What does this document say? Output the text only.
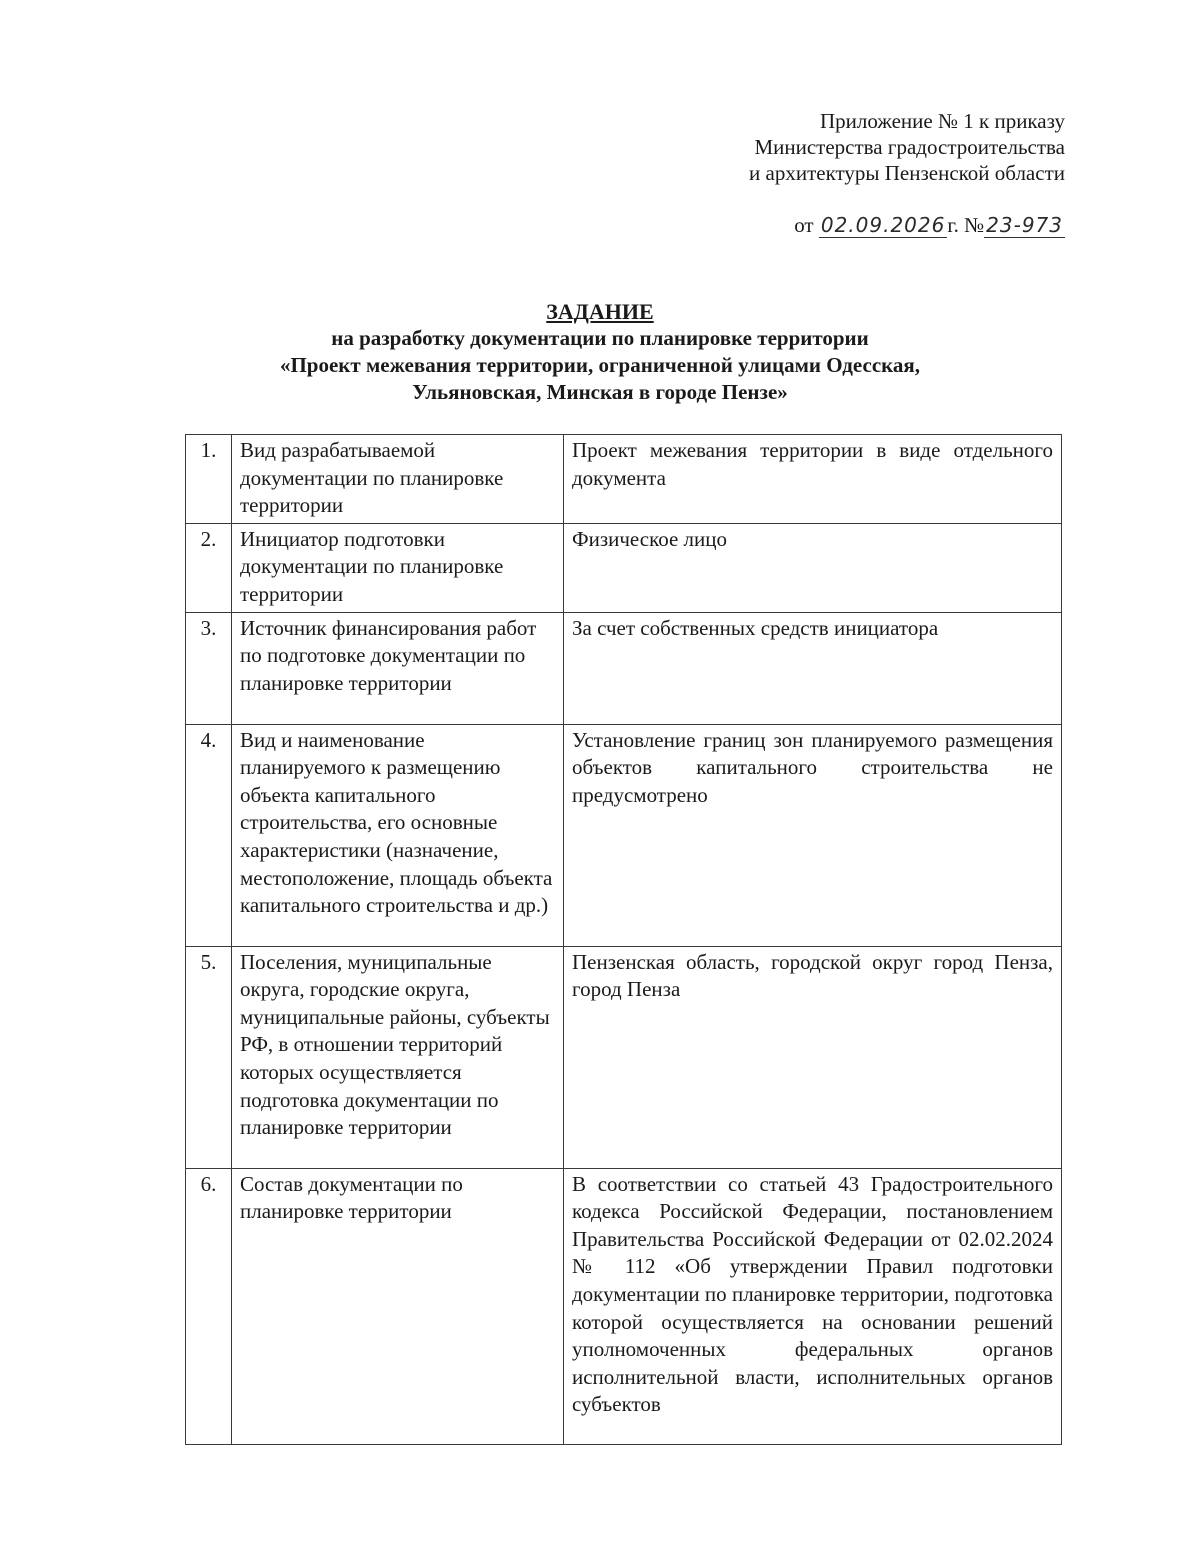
Приложение № 1 к приказу
Министерства градостроительства
и архитектуры Пензенской области
от 02.09.2026г. № 23-973
ЗАДАНИЕ
на разработку документации по планировке территории
«Проект межевания территории, ограниченной улицами Одесская,
Ульяновская, Минская в городе Пензе»
1.	Вид разрабатываемой документации по планировке территории	Проект межевания территории в виде отдельного документа
2.	Инициатор подготовки документации по планировке территории	Физическое лицо
3.	Источник финансирования работ по подготовке документации по планировке территории	За счет собственных средств инициатора
4.	Вид и наименование планируемого к размещению объекта капитального строительства, его основные характеристики (назначение, местоположение, площадь объекта капитального строительства и др.)	Установление границ зон планируемого размещения объектов капитального строительства не предусмотрено
5.	Поселения, муниципальные округа, городские округа, муниципальные районы, субъекты РФ, в отношении территорий которых осуществляется подготовка документации по планировке территории	Пензенская область, городской округ город Пенза, город Пенза
6.	Состав документации по планировке территории	В соответствии со статьей 43 Градостроительного кодекса Российской Федерации, постановлением Правительства Российской Федерации от 02.02.2024 № 112 «Об утверждении Правил подготовки документации по планировке территории, подготовка которой осуществляется на основании решений уполномоченных федеральных органов исполнительной власти, исполнительных органов субъектов
